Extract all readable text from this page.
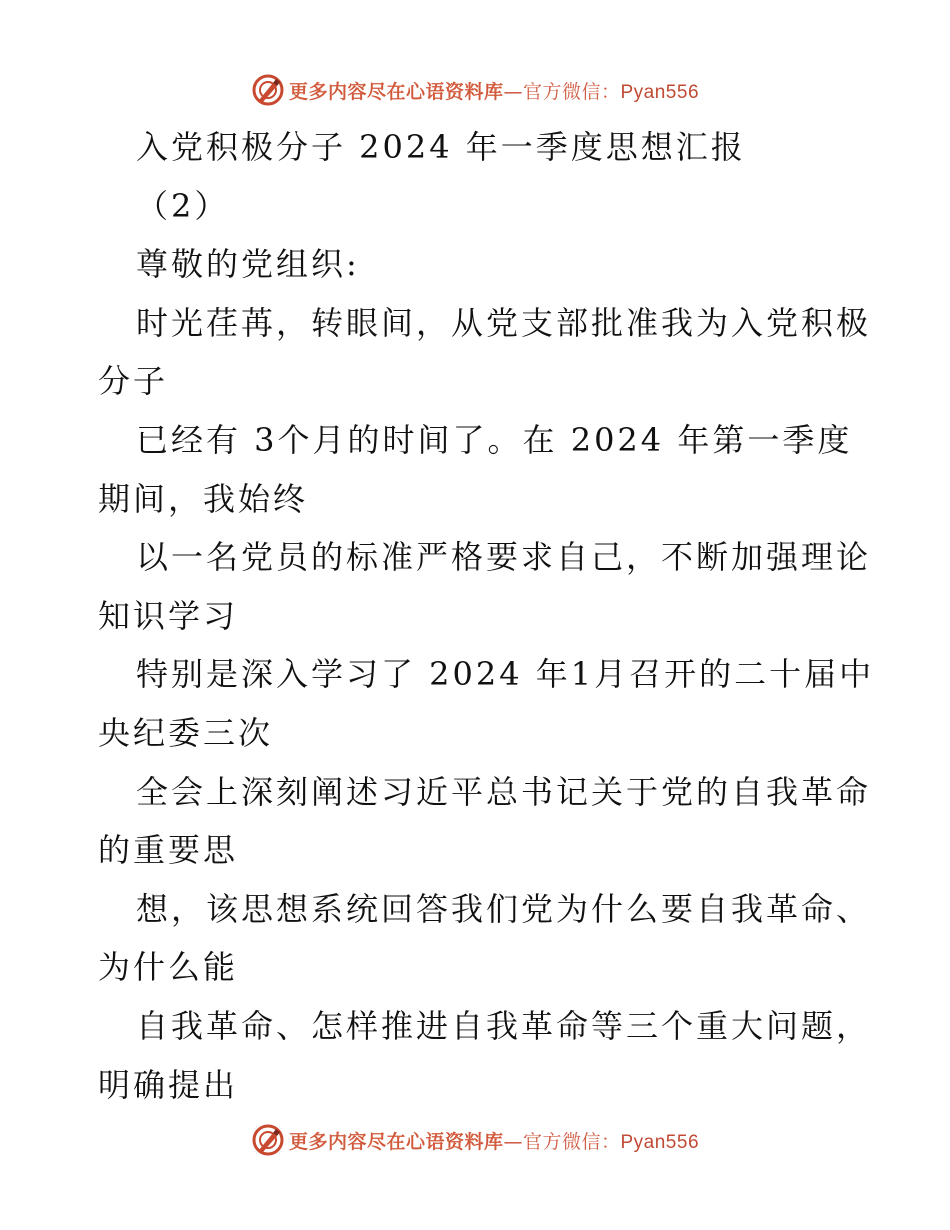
更多内容尽在心语资料库—官方微信：Pyan556
入党积极分子 2024 年一季度思想汇报
（2）
尊敬的党组织:
时光荏苒，转眼间，从党支部批准我为入党积极
分子
已经有 3个月的时间了。在 2024 年第一季度
期间，我始终
以一名党员的标准严格要求自己，不断加强理论
知识学习
特别是深入学习了 2024 年1月召开的二十届中
央纪委三次
全会上深刻阐述习近平总书记关于党的自我革命
的重要思
想，该思想系统回答我们党为什么要自我革命、
为什么能
自我革命、怎样推进自我革命等三个重大问题，
明确提出
更多内容尽在心语资料库—官方微信：Pyan556
